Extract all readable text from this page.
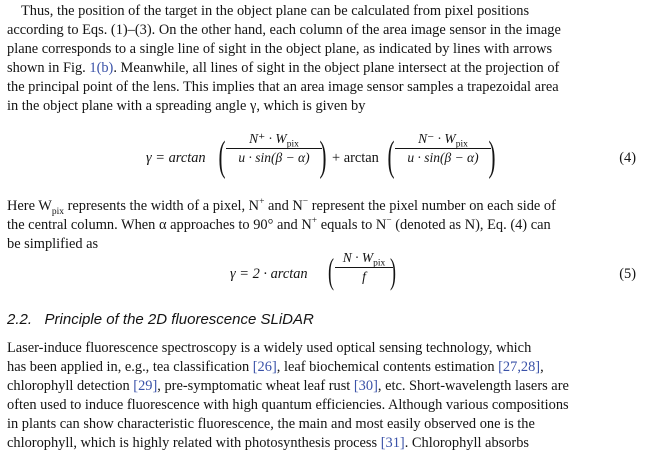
Thus, the position of the target in the object plane can be calculated from pixel positions
according to Eqs. (1)–(3). On the other hand, each column of the area image sensor in the image
plane corresponds to a single line of sight in the object plane, as indicated by lines with arrows
shown in Fig. 1(b). Meanwhile, all lines of sight in the object plane intersect at the projection of
the principal point of the lens. This implies that an area image sensor samples a trapezoidal area
in the object plane with a spreading angle γ, which is given by
γ = arctan (	$N^+ \cdot W_{pix}$
u · sin(β − α) ) + arctan (	$N^- \cdot W_{pix}$
u · sin(β − α) )	(4)
Here $W_{pix}$ represents the width of a pixel, N+ and N− represent the pixel number on each side of
the central column. When α approaches to 90° and N+ equals to N− (denoted as N), Eq. (4) can
be simplified as
γ = 2 · arctan ( $N \cdot W_{pix}$
f )	(5)
2.2. Principle of the 2D fluorescence SLiDAR
Laser-induce fluorescence spectroscopy is a widely used optical sensing technology, which
has been applied in, e.g., tea classification [26], leaf biochemical contents estimation [27,28],
chlorophyll detection [29], pre-symptomatic wheat leaf rust [30], etc. Short-wavelength lasers are
often used to induce fluorescence with high quantum efficiencies. Although various compositions
in plants can show characteristic fluorescence, the main and most easily observed one is the
chlorophyll, which is highly related with photosynthesis process [31]. Chlorophyll absorbs
